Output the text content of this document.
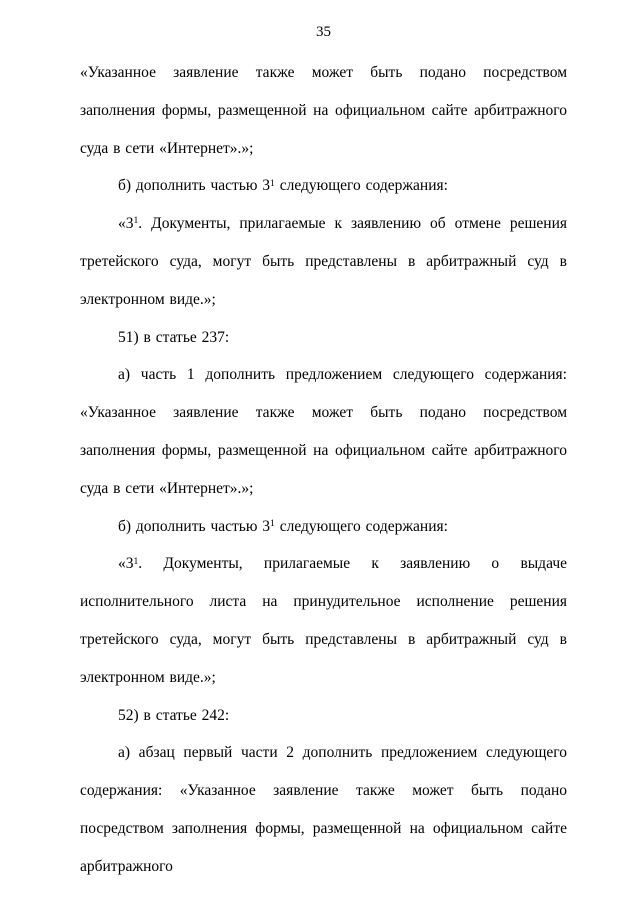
35

«Указанное заявление также может быть подано посредством заполнения формы, размещенной на официальном сайте арбитражного суда в сети «Интернет».»;

б) дополнить частью $3^1$ следующего содержания:

«$3^1$. Документы, прилагаемые к заявлению об отмене решения третейского суда, могут быть представлены в арбитражный суд в электронном виде.»;

51) в статье 237:

а) часть 1 дополнить предложением следующего содержания: «Указанное заявление также может быть подано посредством заполнения формы, размещенной на официальном сайте арбитражного суда в сети «Интернет».»;

б) дополнить частью $3^1$ следующего содержания:

«$3^1$. Документы, прилагаемые к заявлению о выдаче исполнительного листа на принудительное исполнение решения третейского суда, могут быть представлены в арбитражный суд в электронном виде.»;

52) в статье 242:

а) абзац первый части 2 дополнить предложением следующего содержания: «Указанное заявление также может быть подано посредством заполнения формы, размещенной на официальном сайте арбитражного
